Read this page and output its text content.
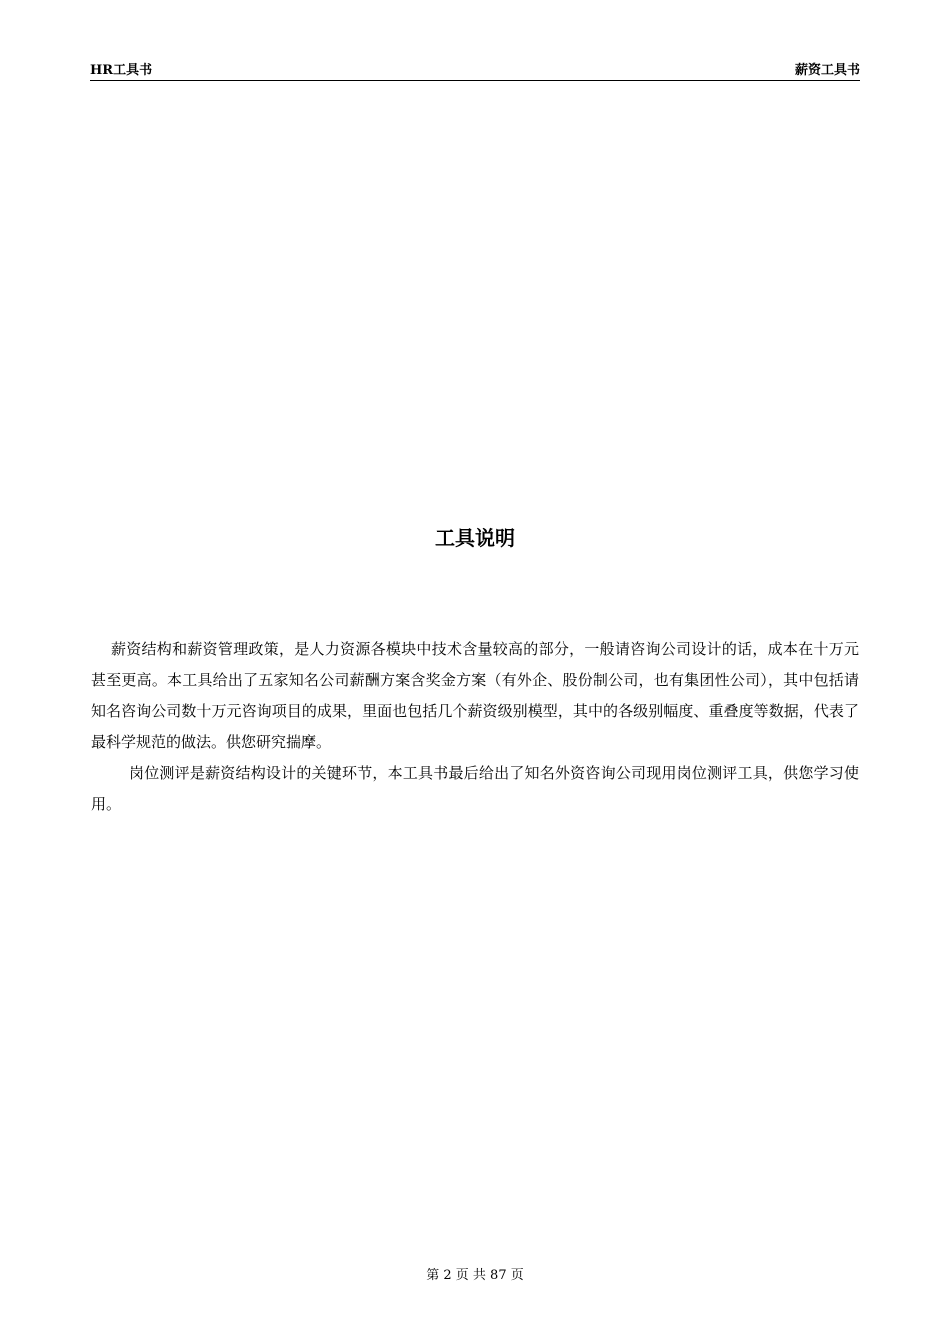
HR工具书	薪资工具书
工具说明

薪资结构和薪资管理政策，是人力资源各模块中技术含量较高的部分，一般请咨询公司设计的话，成本在十万元甚至更高。本工具给出了五家知名公司薪酬方案含奖金方案（有外企、股份制公司，也有集团性公司），其中包括请知名咨询公司数十万元咨询项目的成果，里面也包括几个薪资级别模型，其中的各级别幅度、重叠度等数据，代表了最科学规范的做法。供您研究揣摩。

岗位测评是薪资结构设计的关键环节，本工具书最后给出了知名外资咨询公司现用岗位测评工具，供您学习使用。

第 2 页 共 87 页
